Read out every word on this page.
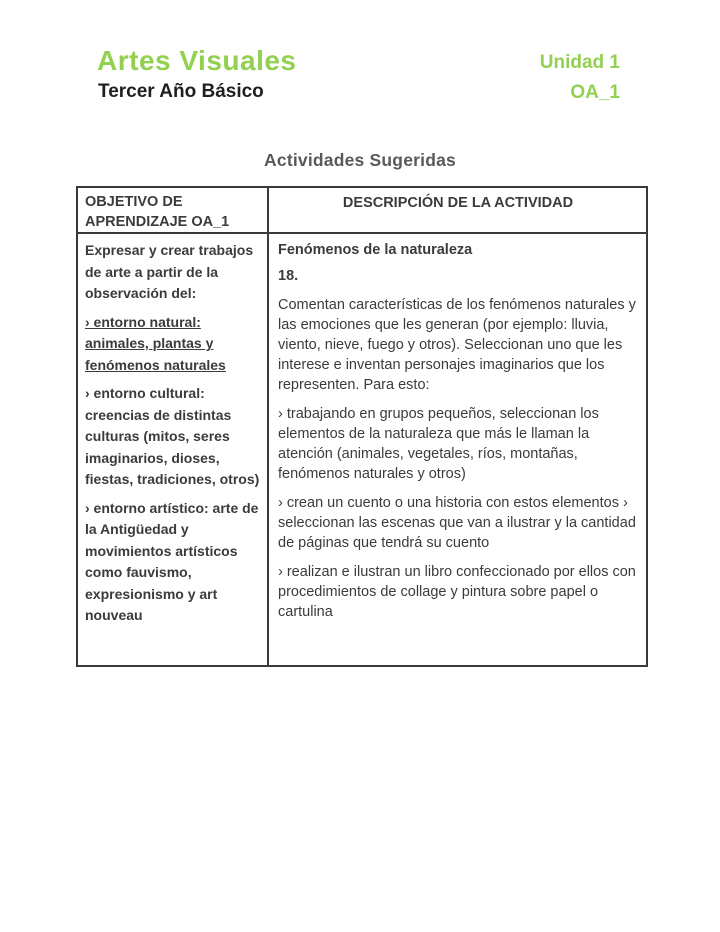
Artes Visuales
Tercer Año Básico
Unidad 1
OA_1
Actividades Sugeridas
OBJETIVO DE APRENDIZAJE OA_1
DESCRIPCIÓN DE LA ACTIVIDAD

Expresar y crear trabajos de arte a partir de la observación del:

› entorno natural: animales, plantas y fenómenos naturales

› entorno cultural: creencias de distintas culturas (mitos, seres imaginarios, dioses, fiestas, tradiciones, otros)

› entorno artístico: arte de la Antigüedad y movimientos artísticos como fauvismo, expresionismo y art nouveau

Fenómenos de la naturaleza

18.

Comentan características de los fenómenos naturales y las emociones que les generan (por ejemplo: lluvia, viento, nieve, fuego y otros). Seleccionan uno que les interese e inventan personajes imaginarios que los representen. Para esto:

› trabajando en grupos pequeños, seleccionan los elementos de la naturaleza que más le llaman la atención (animales, vegetales, ríos, montañas, fenómenos naturales y otros)

› crean un cuento o una historia con estos elementos › seleccionan las escenas que van a ilustrar y la cantidad de páginas que tendrá su cuento

› realizan e ilustran un libro confeccionado por ellos con procedimientos de collage y pintura sobre papel o cartulina
